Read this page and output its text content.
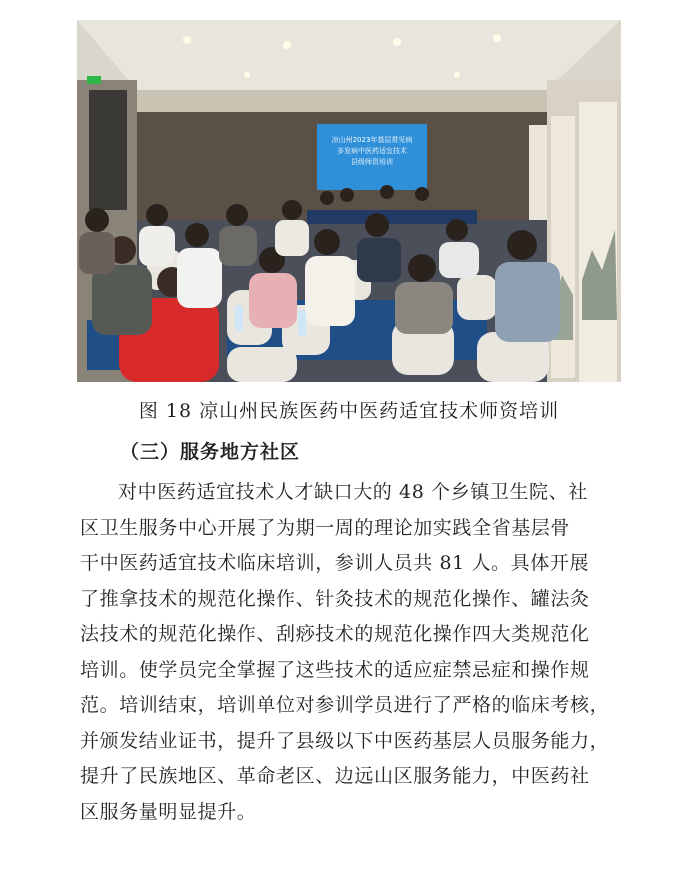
凉山州2023年基层常见病
多发病中医药适宜技术
县级师资培训
图 18 凉山州民族医药中医药适宜技术师资培训
（三）服务地方社区
对中医药适宜技术人才缺口大的 48 个乡镇卫生院、社
区卫生服务中心开展了为期一周的理论加实践全省基层骨
干中医药适宜技术临床培训，参训人员共 81 人。具体开展
了推拿技术的规范化操作、针灸技术的规范化操作、罐法灸
法技术的规范化操作、刮痧技术的规范化操作四大类规范化
培训。使学员完全掌握了这些技术的适应症禁忌症和操作规
范。培训结束，培训单位对参训学员进行了严格的临床考核，
并颁发结业证书，提升了县级以下中医药基层人员服务能力，
提升了民族地区、革命老区、边远山区服务能力，中医药社
区服务量明显提升。
